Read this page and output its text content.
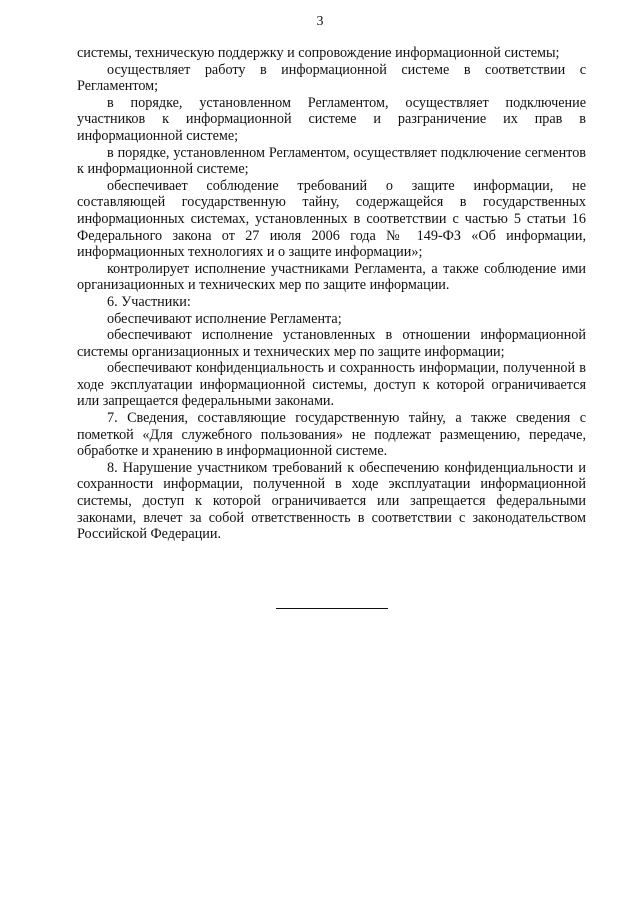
3

системы, техническую поддержку и сопровождение информационной системы;

осуществляет работу в информационной системе в соответствии с Регламентом;

в порядке, установленном Регламентом, осуществляет подключение участников к информационной системе и разграничение их прав в информационной системе;

в порядке, установленном Регламентом, осуществляет подключение сегментов к информационной системе;

обеспечивает соблюдение требований о защите информации, не составляющей государственную тайну, содержащейся в государственных информационных системах, установленных в соответствии с частью 5 статьи 16 Федерального закона от 27 июля 2006 года № 149-ФЗ «Об информации, информационных технологиях и о защите информации»;

контролирует исполнение участниками Регламента, а также соблюдение ими организационных и технических мер по защите информации.

6. Участники:

обеспечивают исполнение Регламента;

обеспечивают исполнение установленных в отношении информационной системы организационных и технических мер по защите информации;

обеспечивают конфиденциальность и сохранность информации, полученной в ходе эксплуатации информационной системы, доступ к которой ограничивается или запрещается федеральными законами.

7. Сведения, составляющие государственную тайну, а также сведения с пометкой «Для служебного пользования» не подлежат размещению, передаче, обработке и хранению в информационной системе.

8. Нарушение участником требований к обеспечению конфиденциальности и сохранности информации, полученной в ходе эксплуатации информационной системы, доступ к которой ограничивается или запрещается федеральными законами, влечет за собой ответственность в соответствии с законодательством Российской Федерации.
